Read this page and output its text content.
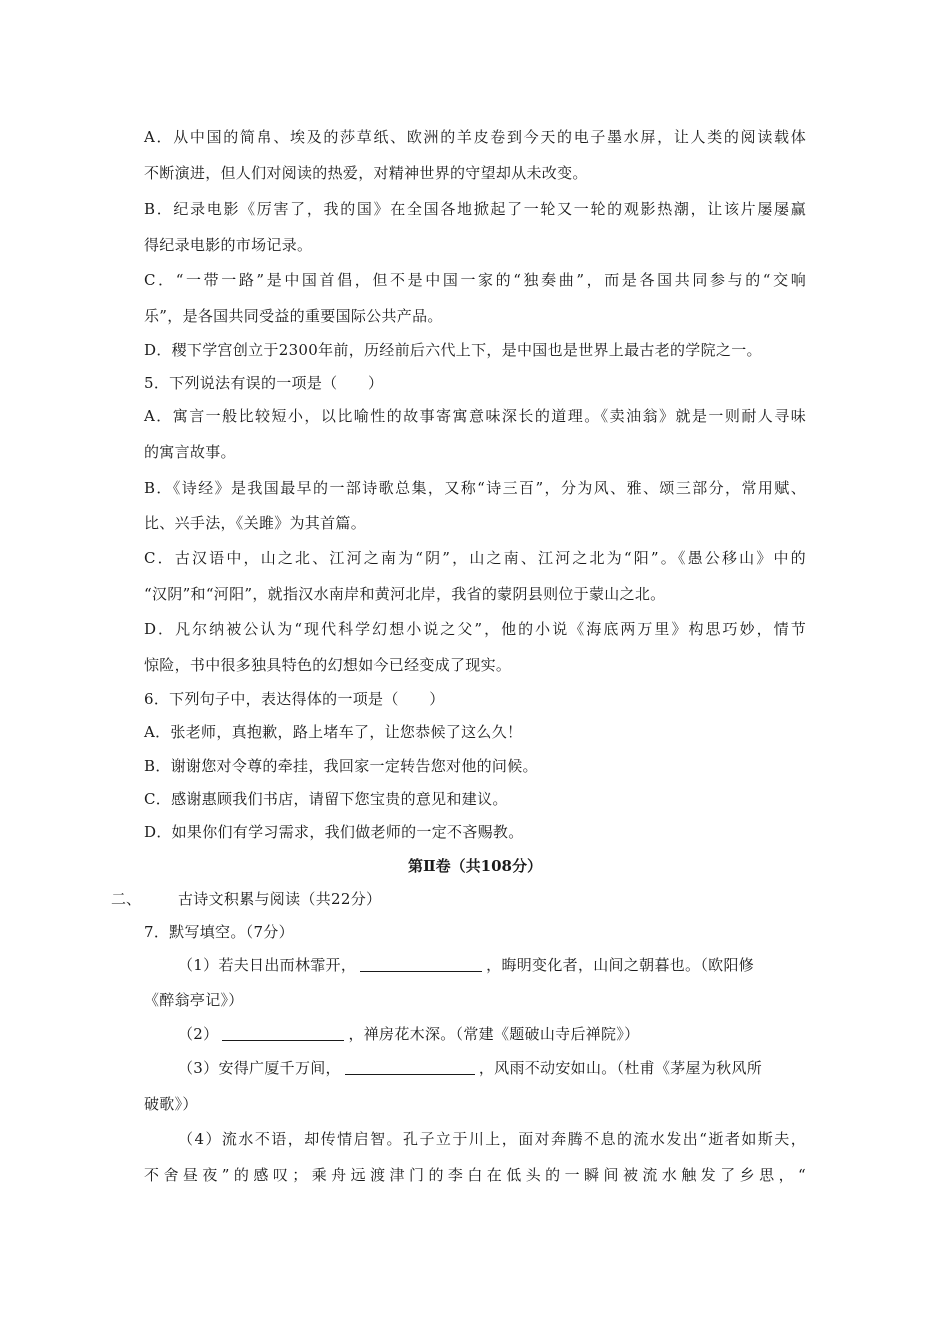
A．从中国的简帛、埃及的莎草纸、欧洲的羊皮卷到今天的电子墨水屏，让人类的阅读载体
不断演进，但人们对阅读的热爱，对精神世界的守望却从未改变。
B．纪录电影《厉害了，我的国》在全国各地掀起了一轮又一轮的观影热潮，让该片屡屡赢
得纪录电影的市场记录。
C．“一带一路”是中国首倡，但不是中国一家的“独奏曲”，而是各国共同参与的“交响
乐”，是各国共同受益的重要国际公共产品。
D．稷下学宫创立于2300年前，历经前后六代上下，是中国也是世界上最古老的学院之一。
5．下列说法有误的一项是（　　）
A．寓言一般比较短小，以比喻性的故事寄寓意味深长的道理。《卖油翁》就是一则耐人寻味
的寓言故事。
B．《诗经》是我国最早的一部诗歌总集，又称“诗三百”，分为风、雅、颂三部分，常用赋、
比、兴手法，《关雎》为其首篇。
C．古汉语中，山之北、江河之南为“阴”，山之南、江河之北为“阳”。《愚公移山》中的
“汉阴”和“河阳”，就指汉水南岸和黄河北岸，我省的蒙阴县则位于蒙山之北。
D．凡尔纳被公认为“现代科学幻想小说之父”，他的小说《海底两万里》构思巧妙，情节
惊险，书中很多独具特色的幻想如今已经变成了现实。
6．下列句子中，表达得体的一项是（　　）
A．张老师，真抱歉，路上堵车了，让您恭候了这么久！
B．谢谢您对令尊的牵挂，我回家一定转告您对他的问候。
C．感谢惠顾我们书店，请留下您宝贵的意见和建议。
D．如果你们有学习需求，我们做老师的一定不吝赐教。
第Ⅱ卷（共108分）
二、 古诗文积累与阅读（共22分）
7．默写填空。（7分）
（1）若夫日出而林霏开，	，晦明变化者，山间之朝暮也。（欧阳修
《醉翁亭记》）
（2）	，禅房花木深。（常建《题破山寺后禅院》）
（3）安得广厦千万间，	，风雨不动安如山。（杜甫《茅屋为秋风所
破歌》）
（4）流水不语，却传情启智。孔子立于川上，面对奔腾不息的流水发出“逝者如斯夫，
不舍昼夜”的感叹；乘舟远渡津门的李白在低头的一瞬间被流水触发了乡思，“
